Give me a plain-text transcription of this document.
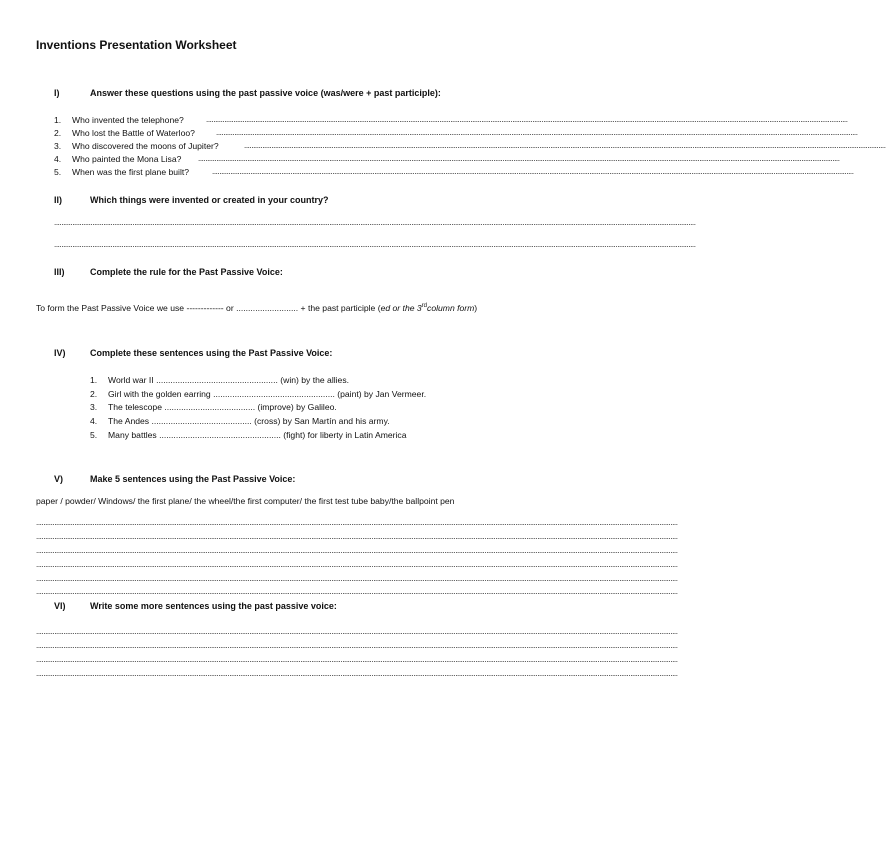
Inventions Presentation Worksheet
I)	Answer these questions using the past passive voice (was/were + past participle):
1. Who invented the telephone?	................................................................................................................................................................................................................................................................................................................................................................
2. Who lost the Battle of Waterloo?	................................................................................................................................................................................................................................................................................................................................................................
3. Who discovered the moons of Jupiter?	................................................................................................................................................................................................................................................................................................................................................................
4. Who painted the Mona Lisa? ................................................................................................................................................................................................................................................................................................................................................................
5. When was the first plane built?	................................................................................................................................................................................................................................................................................................................................................................
II)	Which things were invented or created in your country?
................................................................................................................................................................................................................................................................................................................................................................
................................................................................................................................................................................................................................................................................................................................................................
III)	Complete the rule for the Past Passive Voice:
To form the Past Passive Voice we use ------------- or .......................... + the past participle (ed or the 3rdcolumn form)
IV)	Complete these sentences using the Past Passive Voice:
1. World war II ................................................... (win) by the allies.
2. Girl with the golden earring ................................................... (paint) by Jan Vermeer.
3. The telescope ...................................... (improve) by Galileo.
4. The Andes .......................................... (cross) by San Martín and his army.
5. Many battles ................................................... (fight) for liberty in Latin America
V)	Make 5 sentences using the Past Passive Voice:
paper / powder/ Windows/ the first plane/ the wheel/the first computer/ the first test tube baby/the ballpoint pen
................................................................................................................................................................................................................................................................................................................................................................
................................................................................................................................................................................................................................................................................................................................................................
................................................................................................................................................................................................................................................................................................................................................................
................................................................................................................................................................................................................................................................................................................................................................
................................................................................................................................................................................................................................................................................................................................................................
................................................................................................................................................................................................................................................................................................................................................................
VI)	Write some more sentences using the past passive voice:
................................................................................................................................................................................................................................................................................................................................................................
................................................................................................................................................................................................................................................................................................................................................................
................................................................................................................................................................................................................................................................................................................................................................
................................................................................................................................................................................................................................................................................................................................................................
